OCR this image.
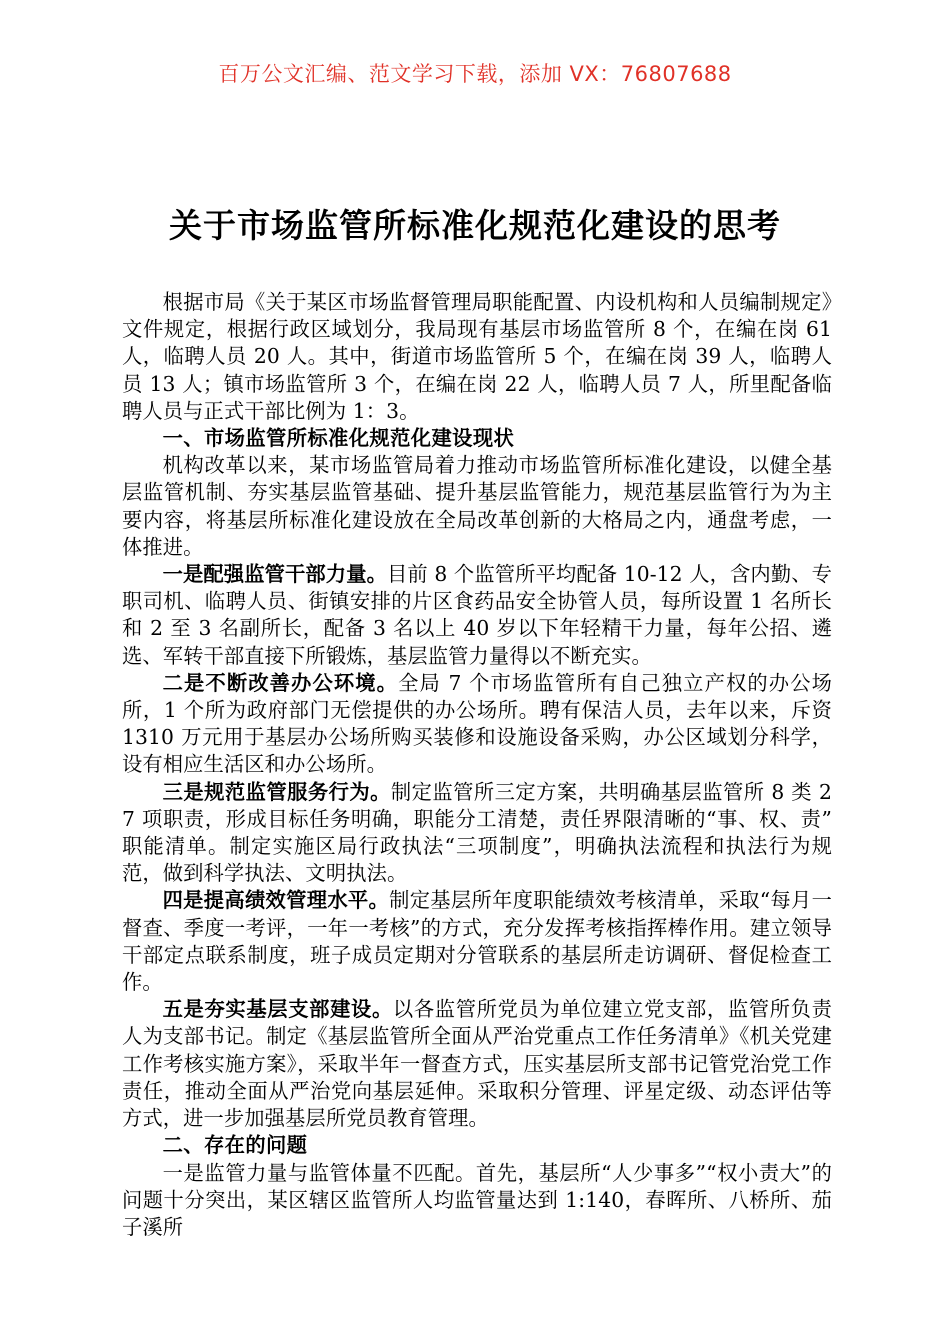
百万公文汇编、范文学习下载，添加 VX：76807688
关于市场监管所标准化规范化建设的思考

根据市局《关于某区市场监督管理局职能配置、内设机构和人员编制规定》文件规定，根据行政区域划分，我局现有基层市场监管所 8 个，在编在岗 61 人，临聘人员 20 人。其中，街道市场监管所 5 个，在编在岗 39 人，临聘人员 13 人；镇市场监管所 3 个，在编在岗 22 人，临聘人员 7 人，所里配备临聘人员与正式干部比例为 1：3。

一、市场监管所标准化规范化建设现状

机构改革以来，某市场监管局着力推动市场监管所标准化建设，以健全基层监管机制、夯实基层监管基础、提升基层监管能力，规范基层监管行为为主要内容，将基层所标准化建设放在全局改革创新的大格局之内，通盘考虑，一体推进。

一是配强监管干部力量。目前 8 个监管所平均配备 10-12 人，含内勤、专职司机、临聘人员、街镇安排的片区食药品安全协管人员，每所设置 1 名所长和 2 至 3 名副所长，配备 3 名以上 40 岁以下年轻精干力量，每年公招、遴选、军转干部直接下所锻炼，基层监管力量得以不断充实。

二是不断改善办公环境。全局 7 个市场监管所有自己独立产权的办公场所，1 个所为政府部门无偿提供的办公场所。聘有保洁人员，去年以来，斥资 1310 万元用于基层办公场所购买装修和设施设备采购，办公区域划分科学，设有相应生活区和办公场所。

三是规范监管服务行为。制定监管所三定方案，共明确基层监管所 8 类 27 项职责，形成目标任务明确，职能分工清楚，责任界限清晰的“事、权、责”职能清单。制定实施区局行政执法“三项制度”，明确执法流程和执法行为规范，做到科学执法、文明执法。

四是提高绩效管理水平。制定基层所年度职能绩效考核清单，采取“每月一督查、季度一考评，一年一考核”的方式，充分发挥考核指挥棒作用。建立领导干部定点联系制度，班子成员定期对分管联系的基层所走访调研、督促检查工作。

五是夯实基层支部建设。以各监管所党员为单位建立党支部，监管所负责人为支部书记。制定《基层监管所全面从严治党重点工作任务清单》《机关党建工作考核实施方案》，采取半年一督查方式，压实基层所支部书记管党治党工作责任，推动全面从严治党向基层延伸。采取积分管理、评星定级、动态评估等方式，进一步加强基层所党员教育管理。

二、存在的问题

一是监管力量与监管体量不匹配。首先，基层所“人少事多”“权小责大”的问题十分突出，某区辖区监管所人均监管量达到 1:140，春晖所、八桥所、茄子溪所
